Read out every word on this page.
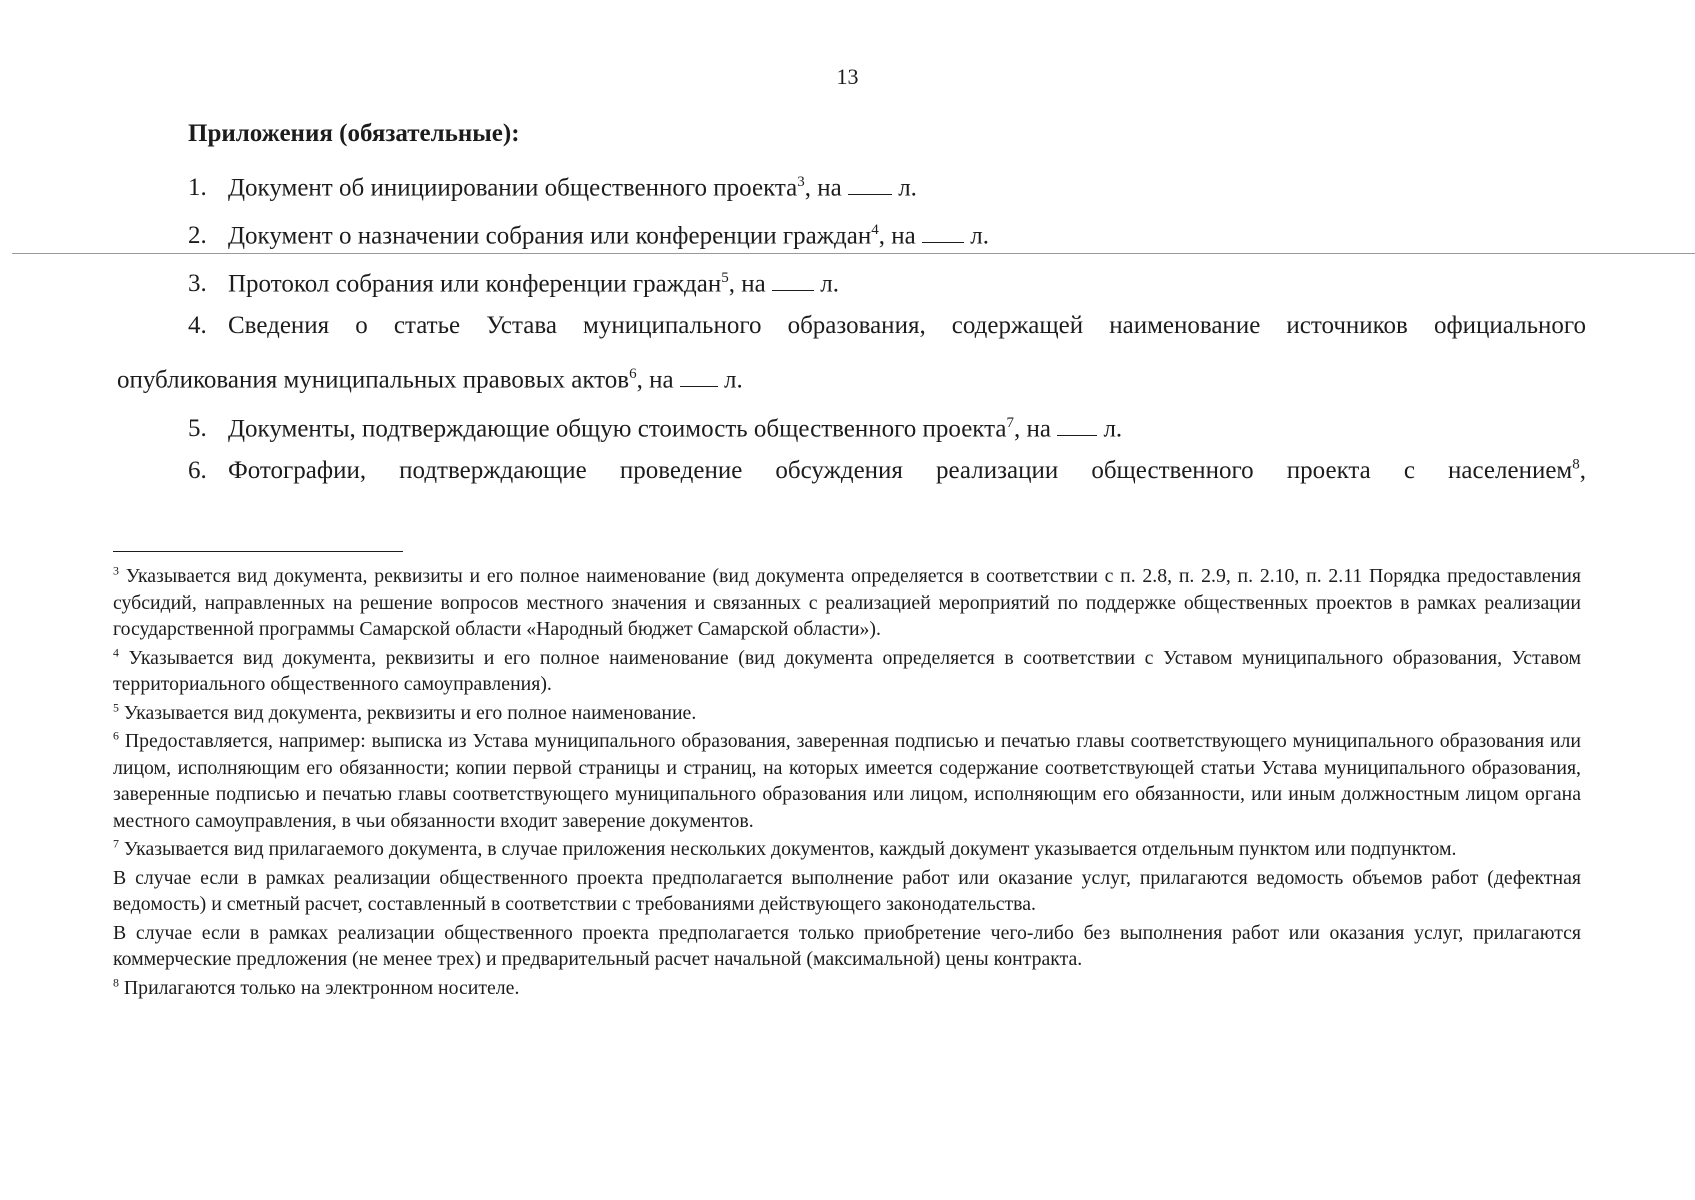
13
Приложения (обязательные):
1. Документ об инициировании общественного проекта$^3$, на л.
2. Документ о назначении собрания или конференции граждан$^4$, на л.
3. Протокол собрания или конференции граждан$^5$, на л.
4. Сведения о статье Устава муниципального образования, содержащей наименование источников официального
опубликования муниципальных правовых актов$^6$, на л.
5. Документы, подтверждающие общую стоимость общественного проекта$^7$, на л.
6. Фотографии, подтверждающие проведение обсуждения реализации общественного проекта с населением$^8$,

$^3$ Указывается вид документа, реквизиты и его полное наименование (вид документа определяется в соответствии с п. 2.8, п. 2.9, п. 2.10, п. 2.11 Порядка предоставления субсидий, направленных на решение вопросов местного значения и связанных с реализацией мероприятий по поддержке общественных проектов в рамках реализации государственной программы Самарской области «Народный бюджет Самарской области»).

$^4$ Указывается вид документа, реквизиты и его полное наименование (вид документа определяется в соответствии с Уставом муниципального образования, Уставом территориального общественного самоуправления).

$^5$ Указывается вид документа, реквизиты и его полное наименование.

$^6$ Предоставляется, например: выписка из Устава муниципального образования, заверенная подписью и печатью главы соответствующего муниципального образования или лицом, исполняющим его обязанности; копии первой страницы и страниц, на которых имеется содержание соответствующей статьи Устава муниципального образования, заверенные подписью и печатью главы соответствующего муниципального образования или лицом, исполняющим его обязанности, или иным должностным лицом органа местного самоуправления, в чьи обязанности входит заверение документов.

$^7$ Указывается вид прилагаемого документа, в случае приложения нескольких документов, каждый документ указывается отдельным пунктом или подпунктом.

В случае если в рамках реализации общественного проекта предполагается выполнение работ или оказание услуг, прилагаются ведомость объемов работ (дефектная ведомость) и сметный расчет, составленный в соответствии с требованиями действующего законодательства.

В случае если в рамках реализации общественного проекта предполагается только приобретение чего-либо без выполнения работ или оказания услуг, прилагаются коммерческие предложения (не менее трех) и предварительный расчет начальной (максимальной) цены контракта.

$^8$ Прилагаются только на электронном носителе.
